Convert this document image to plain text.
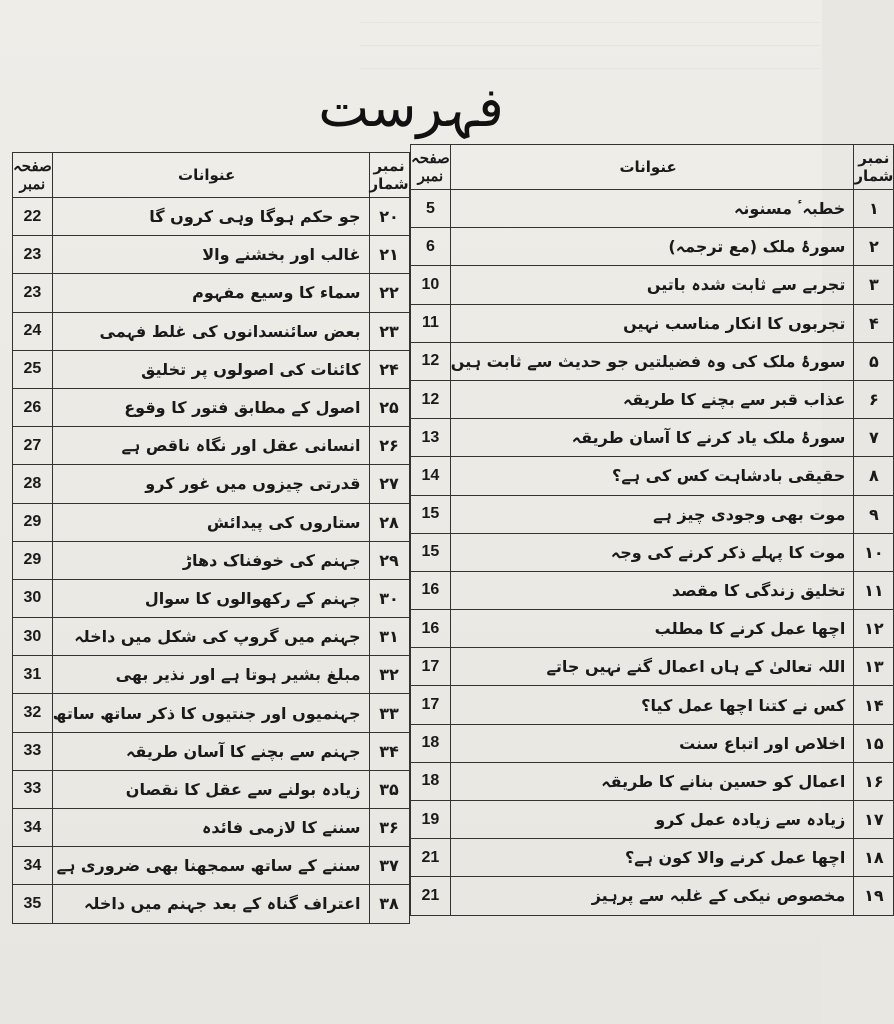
فہرست
نمبر شمار	عنوانات	صفحہ نمبر
۱	خطبہٴ مسنونہ	5
۲	سورۂ ملک (مع ترجمہ)	6
۳	تجربے سے ثابت شدہ باتیں	10
۴	تجربوں کا انکار مناسب نہیں	11
۵	سورۂ ملک کی وہ فضیلتیں جو حدیث سے ثابت ہیں	12
۶	عذاب قبر سے بچنے کا طریقہ	12
۷	سورۂ ملک یاد کرنے کا آسان طریقہ	13
۸	حقیقی بادشاہت کس کی ہے؟	14
۹	موت بھی وجودی چیز ہے	15
۱۰	موت کا پہلے ذکر کرنے کی وجہ	15
۱۱	تخلیق زندگی کا مقصد	16
۱۲	اچھا عمل کرنے کا مطلب	16
۱۳	اللہ تعالیٰ کے ہاں اعمال گنے نہیں جاتے	17
۱۴	کس نے کتنا اچھا عمل کیا؟	17
۱۵	اخلاص اور اتباع سنت	18
۱۶	اعمال کو حسین بنانے کا طریقہ	18
۱۷	زیادہ سے زیادہ عمل کرو	19
۱۸	اچھا عمل کرنے والا کون ہے؟	21
۱۹	مخصوص نیکی کے غلبہ سے پرہیز	21
نمبر شمار	عنوانات	صفحہ نمبر
۲۰	جو حکم ہوگا وہی کروں گا	22
۲۱	غالب اور بخشنے والا	23
۲۲	سماء کا وسیع مفہوم	23
۲۳	بعض سائنسدانوں کی غلط فہمی	24
۲۴	کائنات کی اصولوں پر تخلیق	25
۲۵	اصول کے مطابق فتور کا وقوع	26
۲۶	انسانی عقل اور نگاہ ناقص ہے	27
۲۷	قدرتی چیزوں میں غور کرو	28
۲۸	ستاروں کی پیدائش	29
۲۹	جہنم کی خوفناک دھاڑ	29
۳۰	جہنم کے رکھوالوں کا سوال	30
۳۱	جہنم میں گروپ کی شکل میں داخلہ	30
۳۲	مبلغ بشیر ہوتا ہے اور نذیر بھی	31
۳۳	جہنمیوں اور جنتیوں کا ذکر ساتھ ساتھ	32
۳۴	جہنم سے بچنے کا آسان طریقہ	33
۳۵	زیادہ بولنے سے عقل کا نقصان	33
۳۶	سننے کا لازمی فائدہ	34
۳۷	سننے کے ساتھ سمجھنا بھی ضروری ہے	34
۳۸	اعتراف گناہ کے بعد جہنم میں داخلہ	35
